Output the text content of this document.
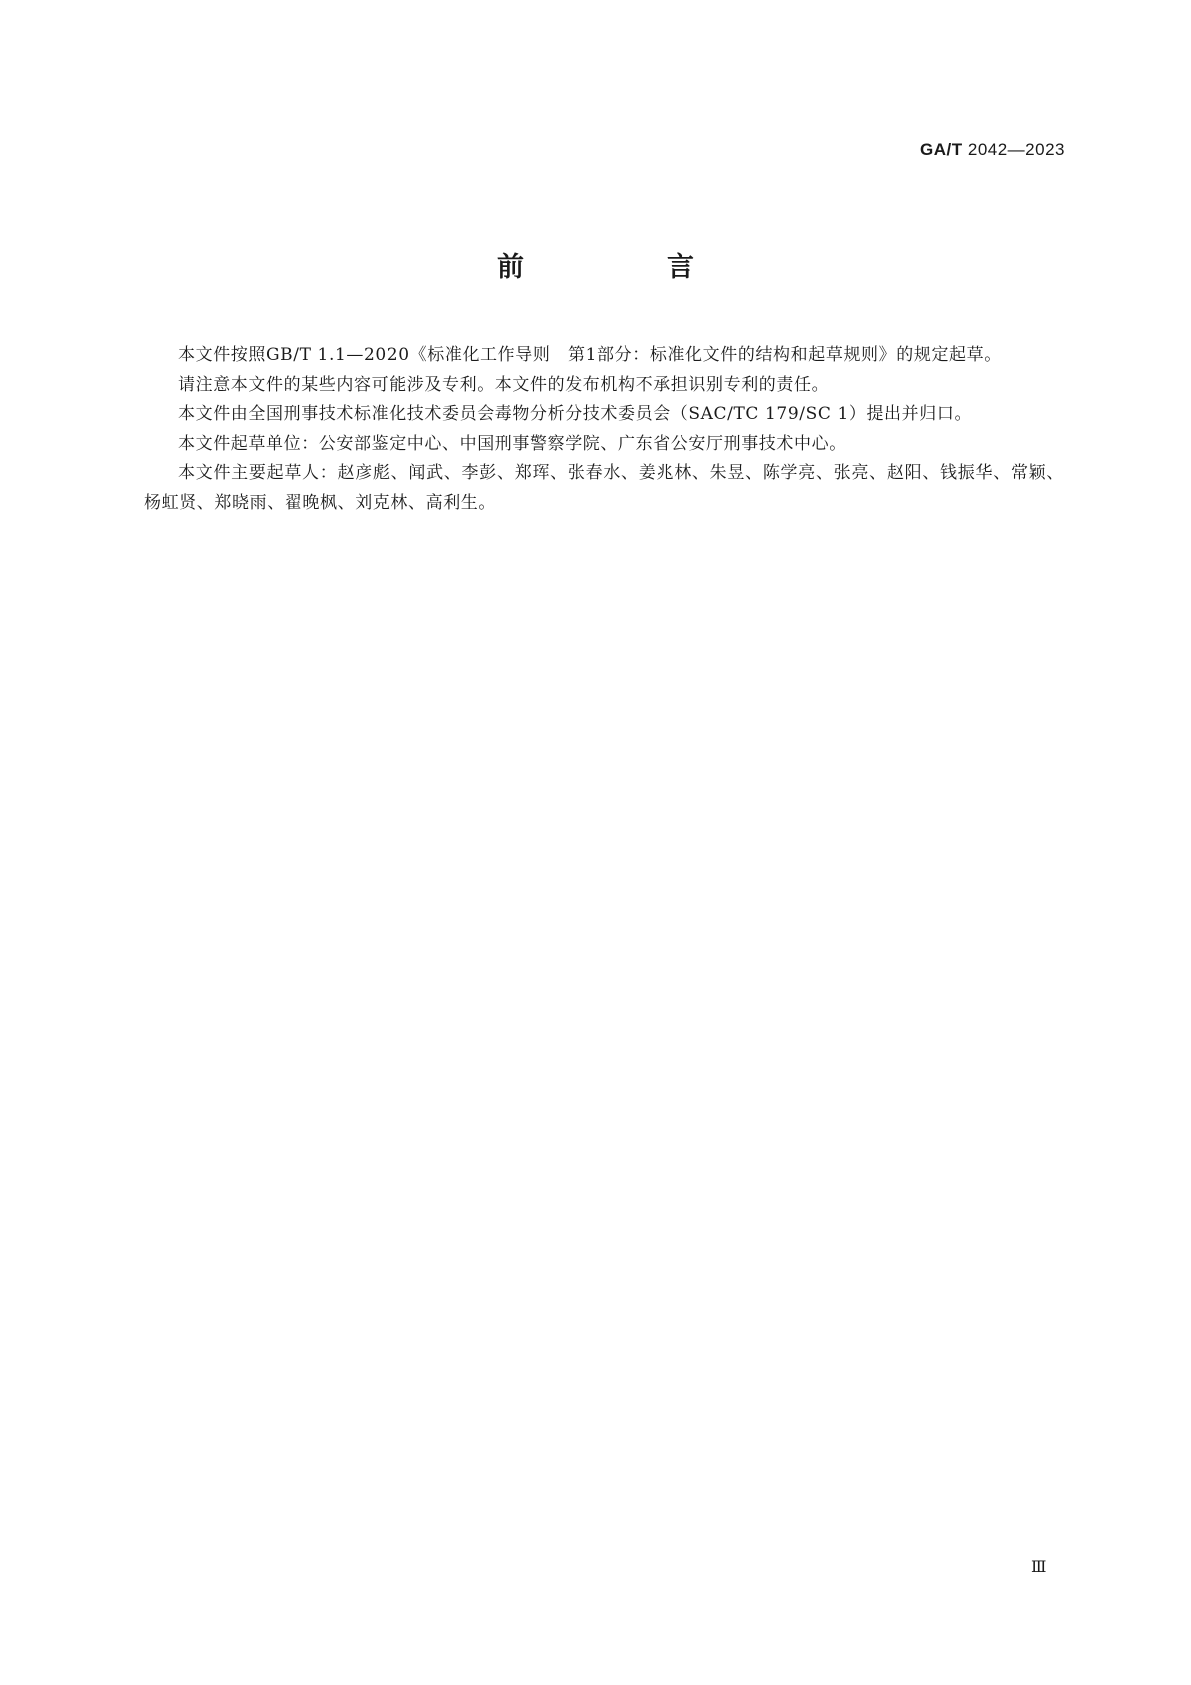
GA/T 2042—2023
前　言

本文件按照GB/T 1.1—2020《标准化工作导则　第1部分：标准化文件的结构和起草规则》的规定起草。

请注意本文件的某些内容可能涉及专利。本文件的发布机构不承担识别专利的责任。

本文件由全国刑事技术标准化技术委员会毒物分析分技术委员会（SAC/TC 179/SC 1）提出并归口。

本文件起草单位：公安部鉴定中心、中国刑事警察学院、广东省公安厅刑事技术中心。

本文件主要起草人：赵彦彪、闻武、李彭、郑珲、张春水、姜兆林、朱昱、陈学亮、张亮、赵阳、钱振华、常颖、杨虹贤、郑晓雨、翟晚枫、刘克林、高利生。

Ⅲ
